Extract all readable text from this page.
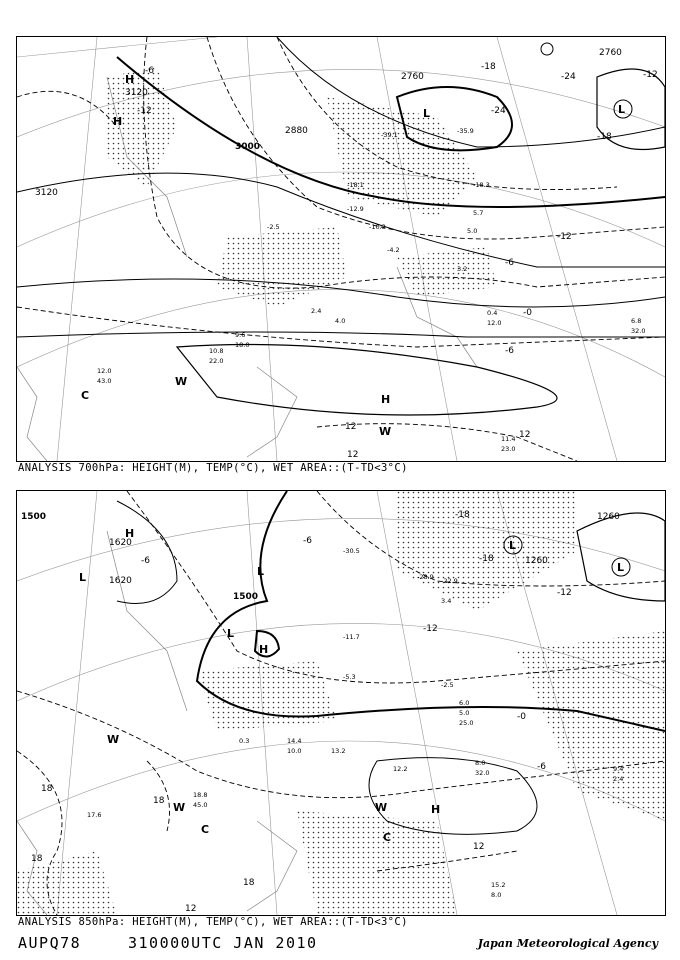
3120
3120
3000
2880
2760
2760
-6
-12
-18
-24
-24
-18
-12
-6
-0
-6
-12
12
12
12
H
H
L	L
H
W
W
C
-39.1	-35.9
-18.3
-18.1
-12.9
-10.3
-4.2
-2.5
3.2
5.7
5.0
12.0
32.0
22.0
18.0
43.0
23.0
4.0
2.4
6.8
0.4
11.4
9.6
12.0
10.8
ANALYSIS 700hPa: HEIGHT(M), TEMP(°C), WET AREA::(T-TD<3°C)
1500
1620
1620
1500
1260
1260
-6
-18
-18
-12
-12
-6
-0
-6
18
18
18
12
18
12
H
L	L
L
H
L
L
W
W	W	H
C
C
-30.5
-28.9 -22.9
-11.7
-5.3
-2.5
5.0
25.0
8.0
32.0
12.2
13.2
10.0
14.4
18.8
17.6
15.2
9.4
2.4
45.0
6.0
3.4
0.3
8.0
ANALYSIS 850hPa: HEIGHT(M), TEMP(°C), WET AREA::(T-TD<3°C)
AUPQ78	310000UTC JAN 2010	Japan Meteorological Agency
